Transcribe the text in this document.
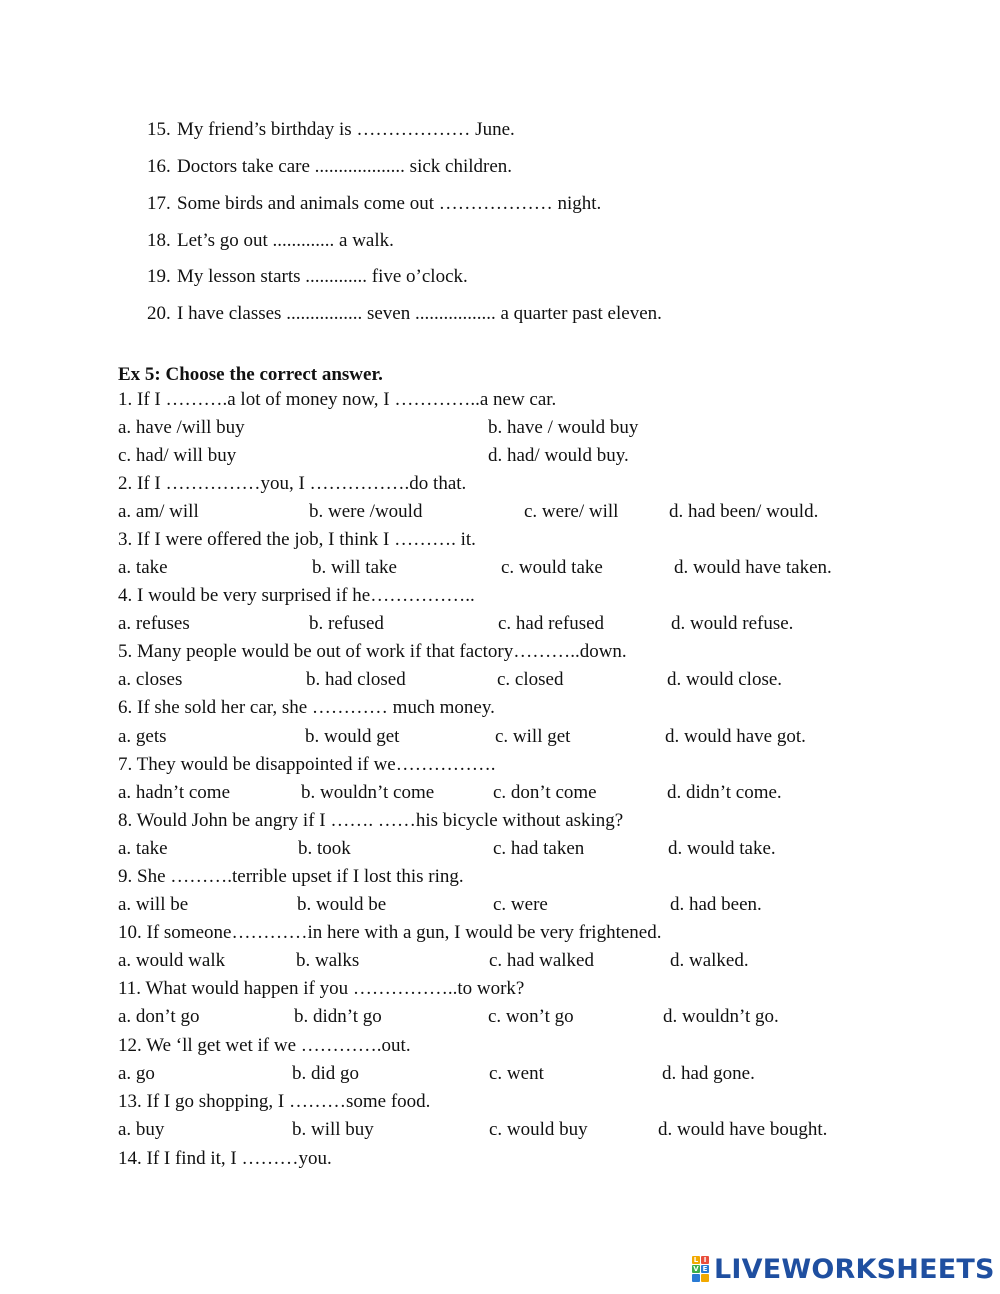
15. My friend’s birthday is ……………… June.
16. Doctors take care ................... sick children.
17. Some birds and animals come out ……………… night.
18. Let’s go out ............. a walk.
19. My lesson starts ............. five o’clock.
20. I have classes ................ seven ................. a quarter past eleven.
Ex 5: Choose the correct answer.
1. If I ……….a lot of money now, I …………..a new car.
a. have /will buy	b. have / would buy
c. had/ will buy	d. had/ would buy.
2. If I ……………you, I …………….do that.
a. am/ will	b. were /would	c. were/ will	d. had been/ would.
3. If I were offered the job, I think I ………. it.
a. take	b. will take	c. would take	d. would have taken.
4. I would be very surprised if he……………..
a. refuses	b. refused	c. had refused	d. would refuse.
5. Many people would be out of work if that factory………..down.
a. closes	b. had closed	c. closed	d. would close.
6. If she sold her car, she ………… much money.
a. gets	b. would get	c. will get	d. would have got.
7. They would be disappointed if we…………….
a. hadn’t come	b. wouldn’t come	c. don’t come	d. didn’t come.
8. Would John be angry if I ……. ……his bicycle without asking?
a. take	b. took	c. had taken	d. would take.
9. She ……….terrible upset if I lost this ring.
a. will be	b. would be	c. were	d. had been.
10. If someone…………in here with a gun, I would be very frightened.
a. would walk	b. walks	c. had walked	d. walked.
11. What would happen if you ……………..to work?
a. don’t go	b. didn’t go	c. won’t go	d. wouldn’t go.
12. We ‘ll get wet if we ………….out.
a. go	b. did go	c. went	d. had gone.
13. If I go shopping, I ………some food.
a. buy	b. will buy	c. would buy	d. would have bought.
14. If I find it, I ………you.
L I
V E LIVEWORKSHEETS
